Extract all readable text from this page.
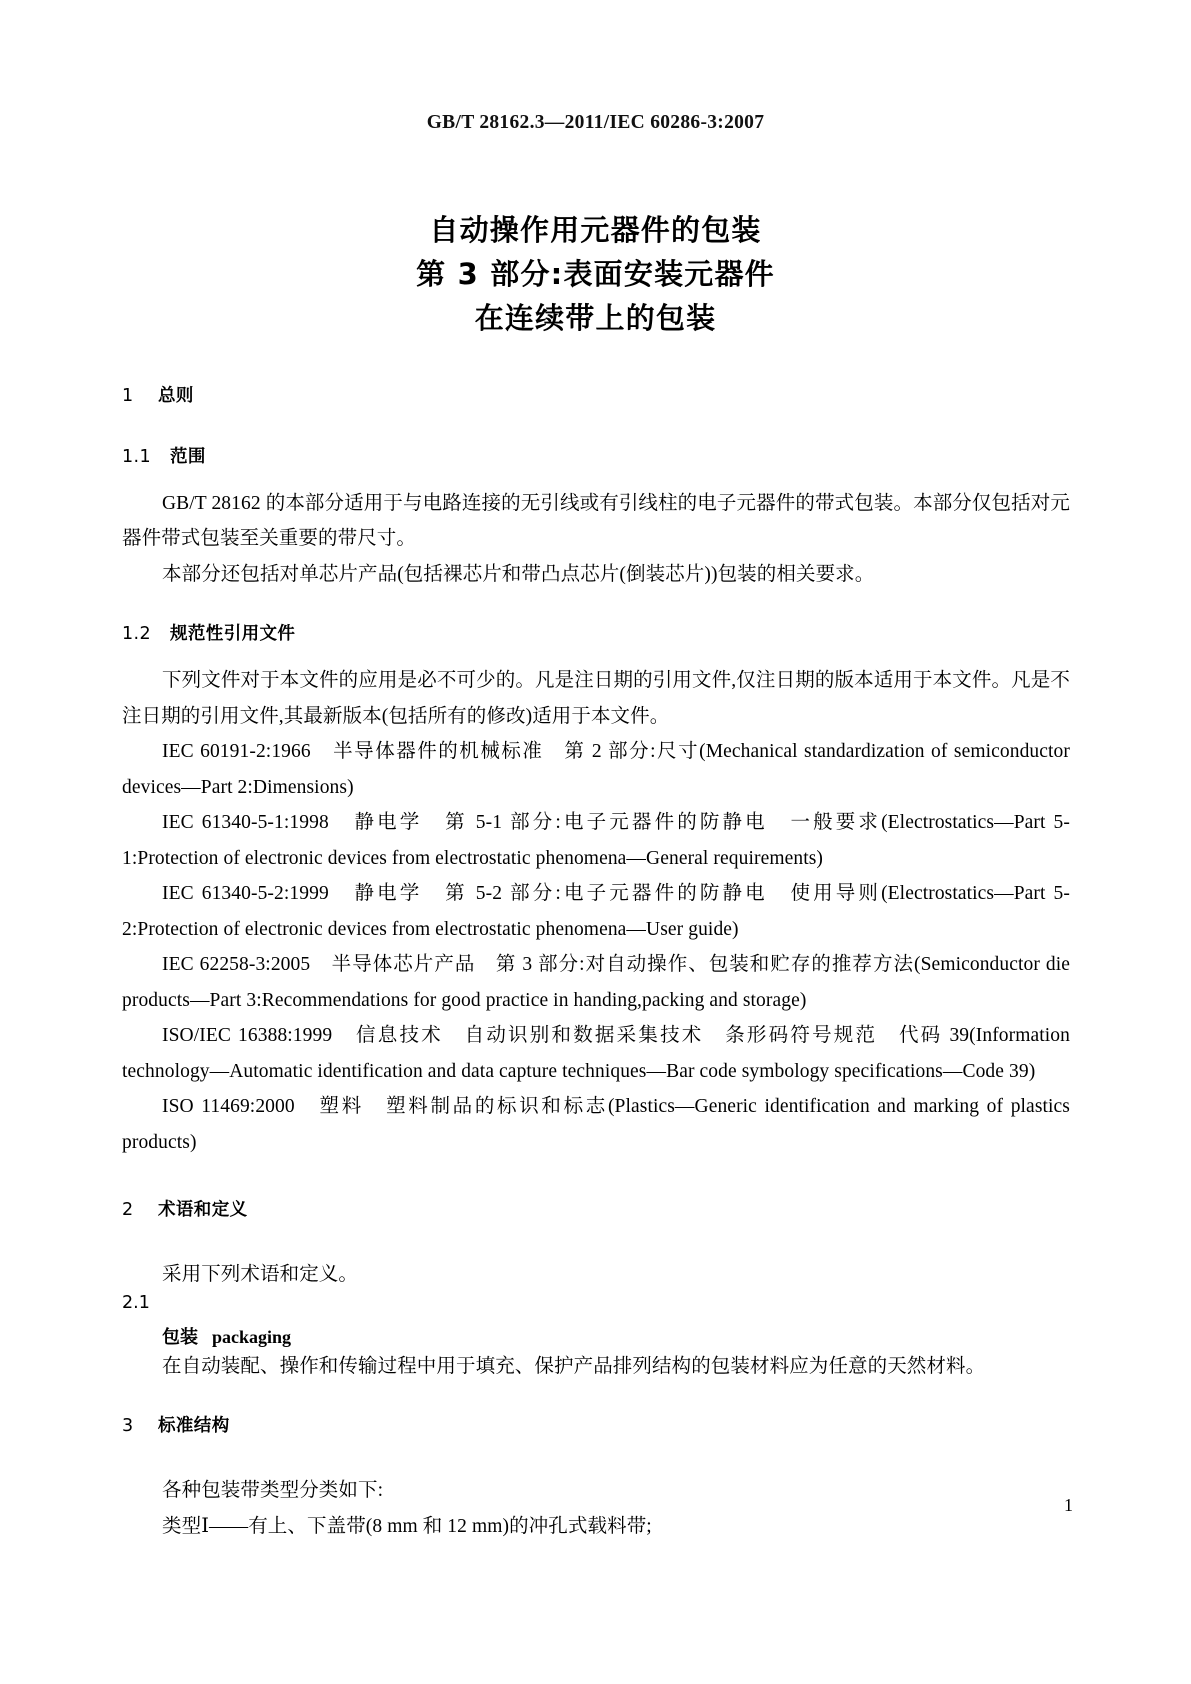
GB/T 28162.3—2011/IEC 60286-3:2007
自动操作用元器件的包装
第 3 部分:表面安装元器件
在连续带上的包装
1 总则
1.1 范围

GB/T 28162 的本部分适用于与电路连接的无引线或有引线柱的电子元器件的带式包装。本部分仅包括对元器件带式包装至关重要的带尺寸。

本部分还包括对单芯片产品(包括裸芯片和带凸点芯片(倒装芯片))包装的相关要求。

1.2 规范性引用文件

下列文件对于本文件的应用是必不可少的。凡是注日期的引用文件,仅注日期的版本适用于本文件。凡是不注日期的引用文件,其最新版本(包括所有的修改)适用于本文件。

IEC 60191-2:1966　半导体器件的机械标准　第 2 部分:尺寸(Mechanical standardization of semiconductor devices—Part 2:Dimensions)

IEC 61340-5-1:1998　静电学　第 5-1 部分:电子元器件的防静电　一般要求(Electrostatics—Part 5-1:Protection of electronic devices from electrostatic phenomena—General requirements)

IEC 61340-5-2:1999　静电学　第 5-2 部分:电子元器件的防静电　使用导则(Electrostatics—Part 5-2:Protection of electronic devices from electrostatic phenomena—User guide)

IEC 62258-3:2005　半导体芯片产品　第 3 部分:对自动操作、包装和贮存的推荐方法(Semiconductor die products—Part 3:Recommendations for good practice in handing,packing and storage)

ISO/IEC 16388:1999　信息技术　自动识别和数据采集技术　条形码符号规范　代码 39(Information technology—Automatic identification and data capture techniques—Bar code symbology specifications—Code 39)

ISO 11469:2000　塑料　塑料制品的标识和标志(Plastics—Generic identification and marking of plastics products)

2 术语和定义

采用下列术语和定义。

2.1

包装 packaging

在自动装配、操作和传输过程中用于填充、保护产品排列结构的包装材料应为任意的天然材料。

3 标准结构

各种包装带类型分类如下:

类型Ⅰ——有上、下盖带(8 mm 和 12 mm)的冲孔式载料带;

1
